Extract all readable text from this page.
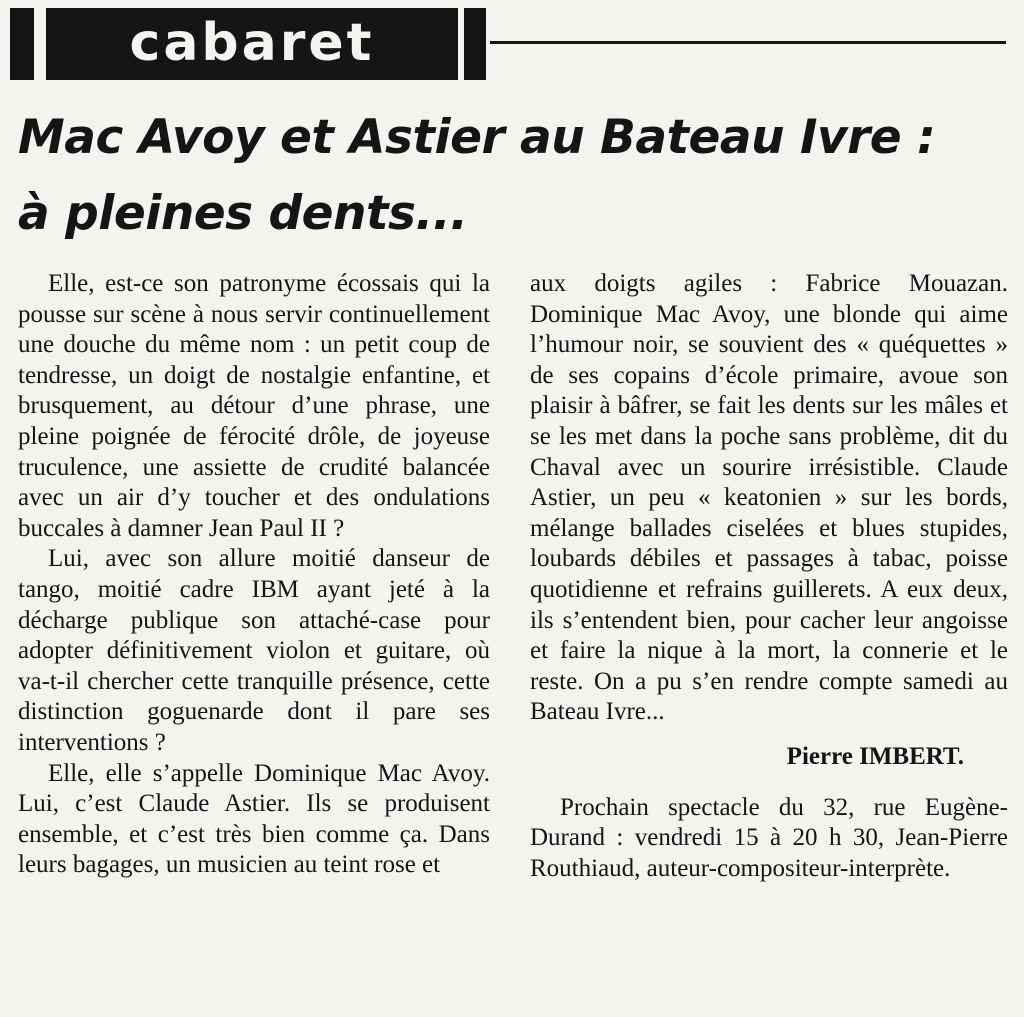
cabaret
Mac Avoy et Astier au Bateau Ivre :
à pleines dents...

Elle, est-ce son patronyme écossais qui la pousse sur scène à nous servir continuellement une douche du même nom : un petit coup de tendresse, un doigt de nostalgie enfantine, et brusquement, au détour d’une phrase, une pleine poignée de férocité drôle, de joyeuse truculence, une assiette de crudité balancée avec un air d’y toucher et des ondulations buccales à damner Jean Paul II ?

Lui, avec son allure moitié danseur de tango, moitié cadre IBM ayant jeté à la décharge publique son attaché-case pour adopter définitivement violon et guitare, où va-t-il chercher cette tranquille présence, cette distinction goguenarde dont il pare ses interventions ?

Elle, elle s’appelle Dominique Mac Avoy. Lui, c’est Claude Astier. Ils se produisent ensemble, et c’est très bien comme ça. Dans leurs bagages, un musicien au teint rose et

aux doigts agiles : Fabrice Mouazan. Dominique Mac Avoy, une blonde qui aime l’humour noir, se souvient des « quéquettes » de ses copains d’école primaire, avoue son plaisir à bâfrer, se fait les dents sur les mâles et se les met dans la poche sans problème, dit du Chaval avec un sourire irrésistible. Claude Astier, un peu « keatonien » sur les bords, mélange ballades ciselées et blues stupides, loubards débiles et passages à tabac, poisse quotidienne et refrains guillerets. A eux deux, ils s’entendent bien, pour cacher leur angoisse et faire la nique à la mort, la connerie et le reste. On a pu s’en rendre compte samedi au Bateau Ivre...

Pierre IMBERT.

Prochain spectacle du 32, rue Eugène-Durand : vendredi 15 à 20 h 30, Jean-Pierre Routhiaud, auteur-compositeur-interprète.
